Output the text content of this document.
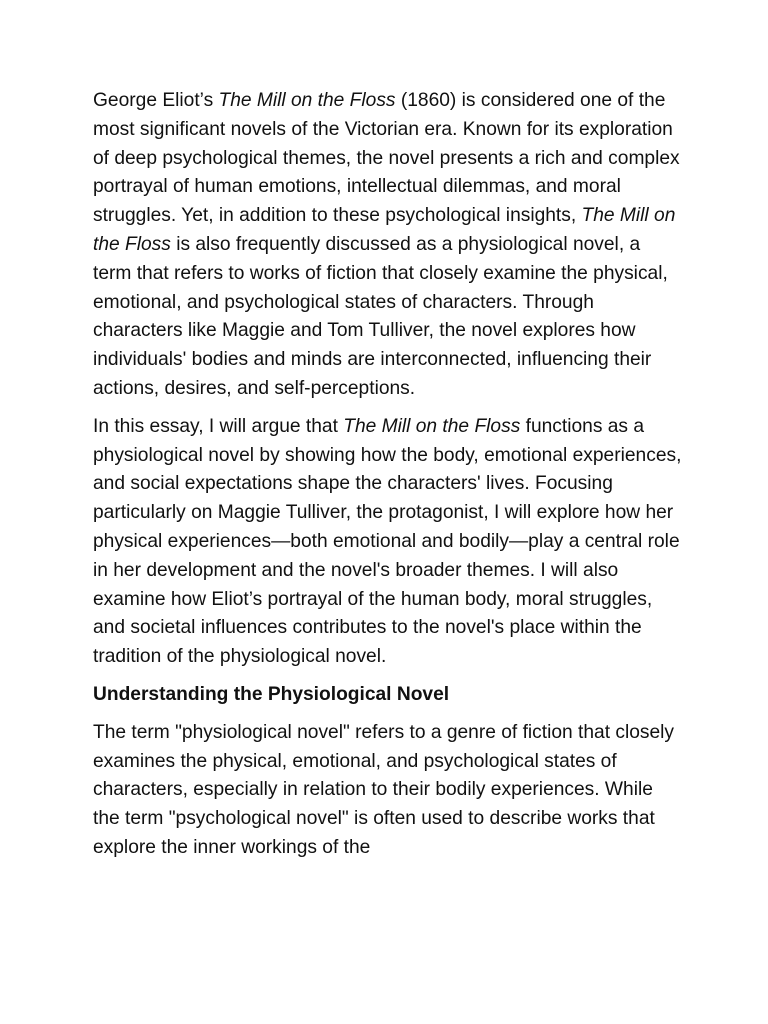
George Eliot’s The Mill on the Floss (1860) is considered one of the most significant novels of the Victorian era. Known for its exploration of deep psychological themes, the novel presents a rich and complex portrayal of human emotions, intellectual dilemmas, and moral struggles. Yet, in addition to these psychological insights, The Mill on the Floss is also frequently discussed as a physiological novel, a term that refers to works of fiction that closely examine the physical, emotional, and psychological states of characters. Through characters like Maggie and Tom Tulliver, the novel explores how individuals' bodies and minds are interconnected, influencing their actions, desires, and self-perceptions.

In this essay, I will argue that The Mill on the Floss functions as a physiological novel by showing how the body, emotional experiences, and social expectations shape the characters' lives. Focusing particularly on Maggie Tulliver, the protagonist, I will explore how her physical experiences—both emotional and bodily—play a central role in her development and the novel's broader themes. I will also examine how Eliot’s portrayal of the human body, moral struggles, and societal influences contributes to the novel's place within the tradition of the physiological novel.

Understanding the Physiological Novel

The term "physiological novel" refers to a genre of fiction that closely examines the physical, emotional, and psychological states of characters, especially in relation to their bodily experiences. While the term "psychological novel" is often used to describe works that explore the inner workings of the
